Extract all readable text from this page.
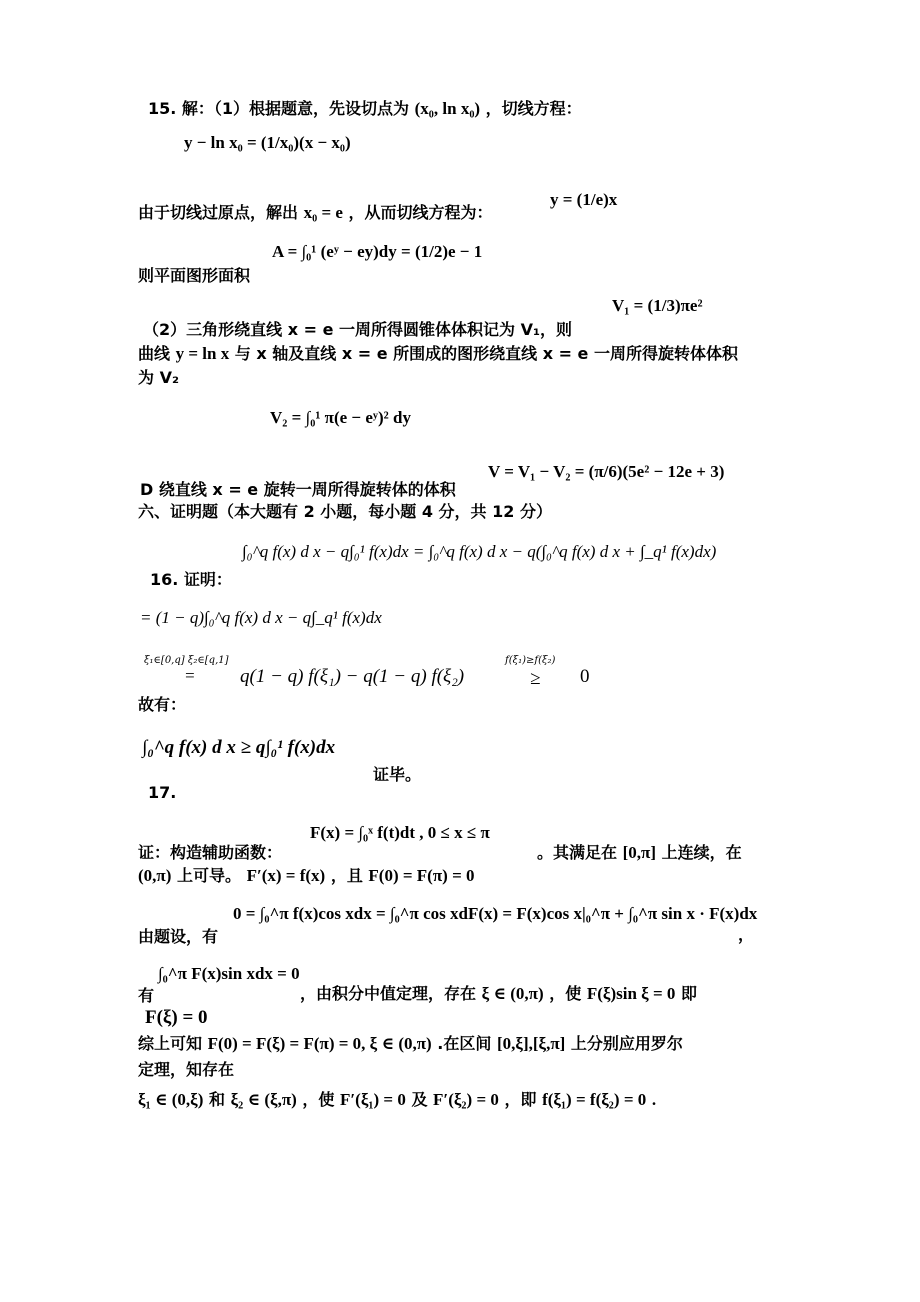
15. 解：（1）根据题意，先设切点为 (x₀, ln x₀) ，切线方程：
y − ln x₀ = (1/x₀)(x − x₀)
由于切线过原点，解出 x₀ = e ，从而切线方程为：
y = (1/e)x
A = ∫₀¹ (eʸ − ey)dy = (1/2)e − 1
则平面图形面积
（2）三角形绕直线 x = e 一周所得圆锥体体积记为 V₁，则
V₁ = (1/3)πe²
曲线 y = ln x 与 x 轴及直线 x = e 所围成的图形绕直线 x = e 一周所得旋转体体积
为 V₂
V₂ = ∫₀¹ π(e − eʸ)² dy
D 绕直线 x = e 旋转一周所得旋转体的体积
V = V₁ − V₂ = (π/6)(5e² − 12e + 3)
六、证明题（本大题有 2 小题，每小题 4 分，共 12 分）
∫₀^q f(x) d x − q∫₀¹ f(x)dx = ∫₀^q f(x) d x − q(∫₀^q f(x) d x + ∫_q¹ f(x)dx)
16. 证明：
= (1 − q)∫₀^q f(x) d x − q∫_q¹ f(x)dx
ξ₁∈[0,q] ξ₂∈[q,1]
= q(1 − q) f(ξ₁) − q(1 − q) f(ξ₂)
f(ξ₁)≥f(ξ₂)
≥ 0
故有：
∫₀^q f(x) d x ≥ q∫₀¹ f(x)dx
证毕。
17.
F(x) = ∫₀ˣ f(t)dt , 0 ≤ x ≤ π
证：构造辅助函数：	。其满足在 [0,π] 上连续，在
(0,π) 上可导。 F′(x) = f(x) ，且 F(0) = F(π) = 0
0 = ∫₀^π f(x)cos xdx = ∫₀^π cos xdF(x) = F(x)cos x|₀^π + ∫₀^π sin x · F(x)dx
由题设，有	，
∫₀^π F(x)sin xdx = 0
有	，由积分中值定理，存在 ξ ∈ (0,π) ，使 F(ξ)sin ξ = 0 即
F(ξ) = 0
综上可知 F(0) = F(ξ) = F(π) = 0, ξ ∈ (0,π) .在区间 [0,ξ],[ξ,π] 上分别应用罗尔
定理，知存在
ξ₁ ∈ (0,ξ) 和 ξ₂ ∈ (ξ,π) ，使 F′(ξ₁) = 0 及 F′(ξ₂) = 0 ，即 f(ξ₁) = f(ξ₂) = 0 .
